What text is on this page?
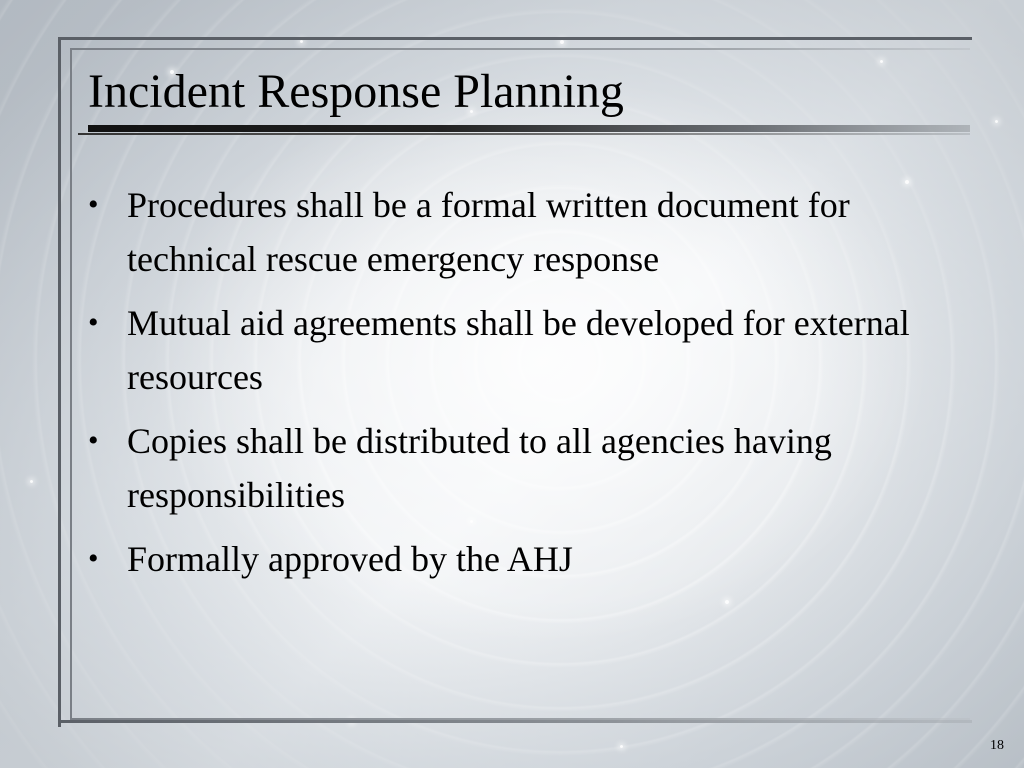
Incident Response Planning
• Procedures shall be a formal written document for technical rescue emergency response
• Mutual aid agreements shall be developed for external resources
• Copies shall be distributed to all agencies having responsibilities
• Formally approved by the AHJ
18
